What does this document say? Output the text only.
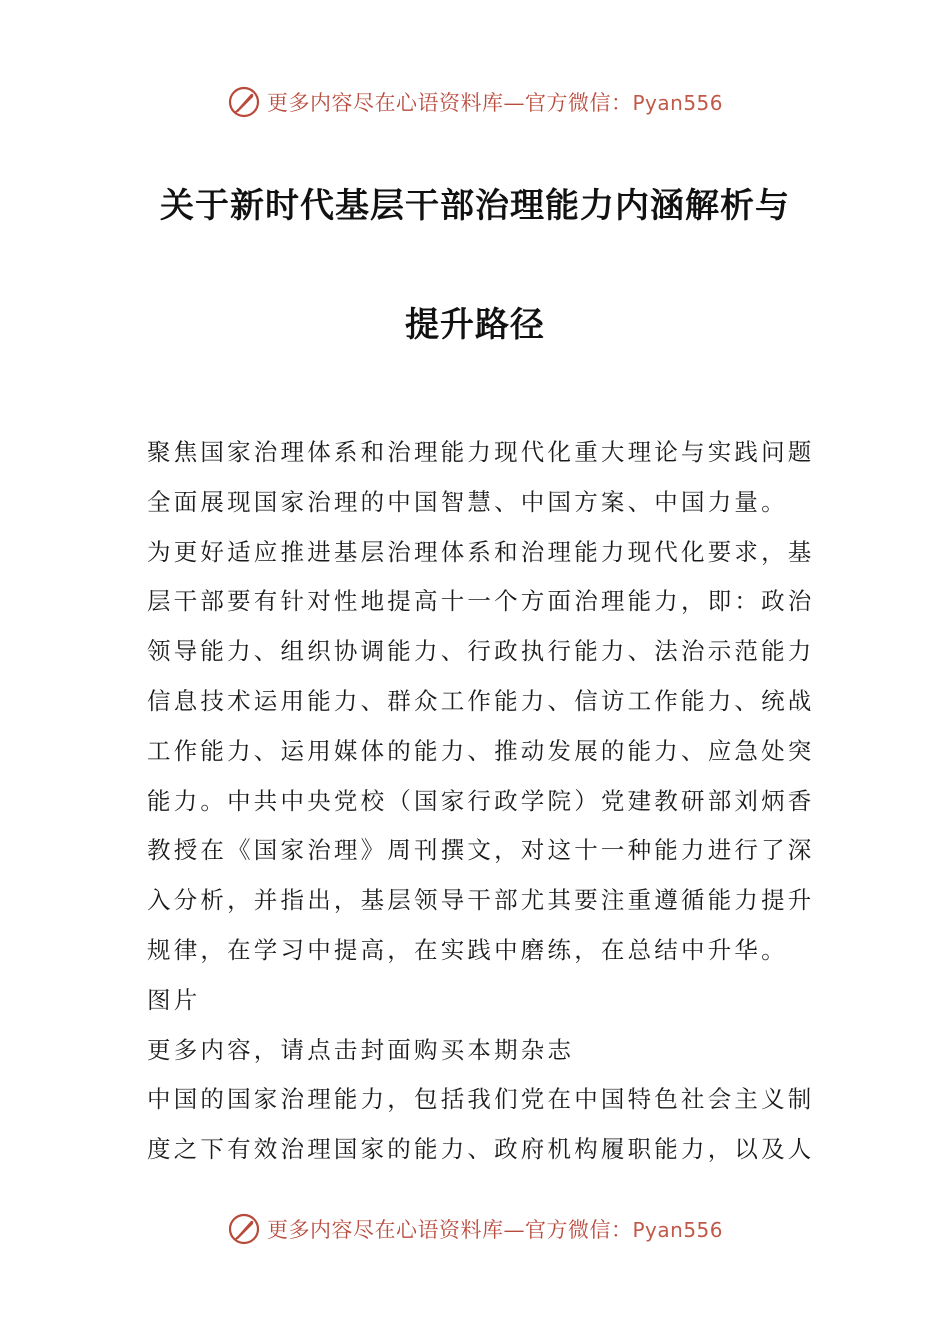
更多内容尽在心语资料库—官方微信：Pyan556
关于新时代基层干部治理能力内涵解析与
提升路径

聚焦国家治理体系和治理能力现代化重大理论与实践问题

全面展现国家治理的中国智慧、中国方案、中国力量。

为更好适应推进基层治理体系和治理能力现代化要求，基

层干部要有针对性地提高十一个方面治理能力，即：政治

领导能力、组织协调能力、行政执行能力、法治示范能力

信息技术运用能力、群众工作能力、信访工作能力、统战

工作能力、运用媒体的能力、推动发展的能力、应急处突

能力。中共中央党校（国家行政学院）党建教研部刘炳香

教授在《国家治理》周刊撰文，对这十一种能力进行了深

入分析，并指出，基层领导干部尤其要注重遵循能力提升

规律，在学习中提高，在实践中磨练，在总结中升华。

图片

更多内容，请点击封面购买本期杂志

中国的国家治理能力，包括我们党在中国特色社会主义制

度之下有效治理国家的能力、政府机构履职能力，以及人

更多内容尽在心语资料库—官方微信：Pyan556
